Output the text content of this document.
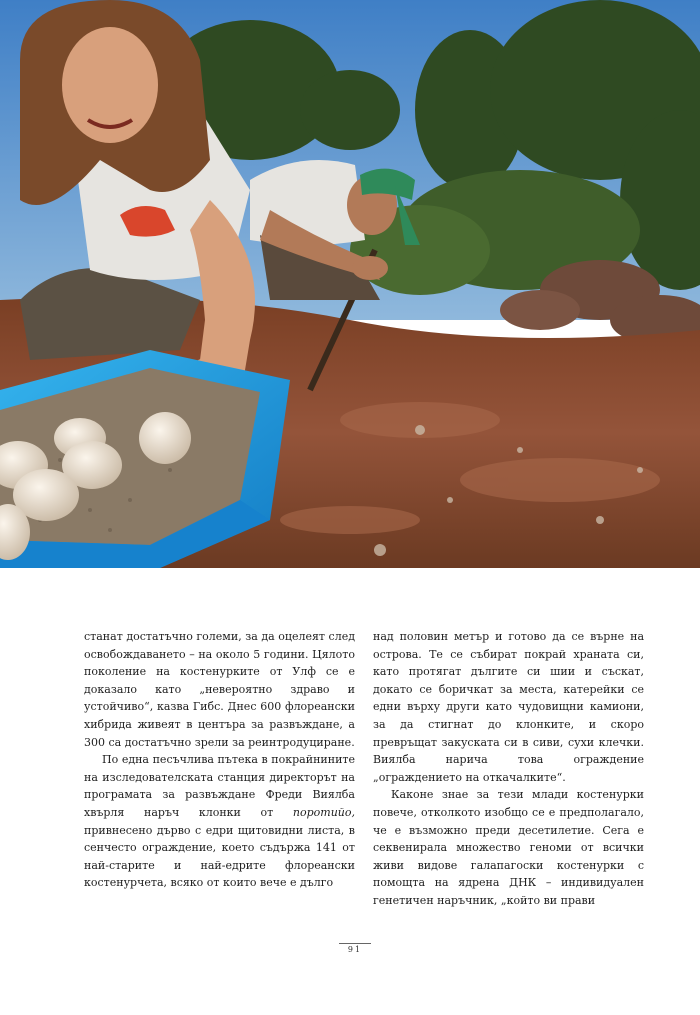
станат достатъчно големи, за да оцелеят след освобождаването – на около 5 години. Цялото поколение на костенурките от Улф се е доказало като „невероятно здраво и устойчиво“, казва Гибс. Днес 600 флореански хибрида живеят в центъра за развъждане, а 300 са достатъчно зрели за реинтродуциране.

По една песъчлива пътека в покрайнините на изследователската станция директорът на програмата за развъждане Фреди Виялба хвърля наръч клонки от поротийо, привнесено дърво с едри щитовидни листа, в сенчесто ограждение, което съдържа 141 от най-старите и най-едрите флореански костенурчета, всяко от които вече е дълго

над половин метър и готово да се върне на острова. Те се събират покрай храната си, като протягат дългите си шии и съскат, докато се боричкат за места, катерейки се едни върху други като чудовищни камиони, за да стигнат до клонките, и скоро превръщат закуската си в сиви, сухи клечки. Виялба нарича това ограждение „ограждението на откачалките“.

Каконе знае за тези млади костенурки повече, отколкото изобщо се е предполагало, че е възможно преди десетилетие. Сега е секвенирала множество геноми от всички живи видове галапагоски костенурки с помощта на ядрена ДНК – индивидуален генетичен наръчник, „който ви прави

91
